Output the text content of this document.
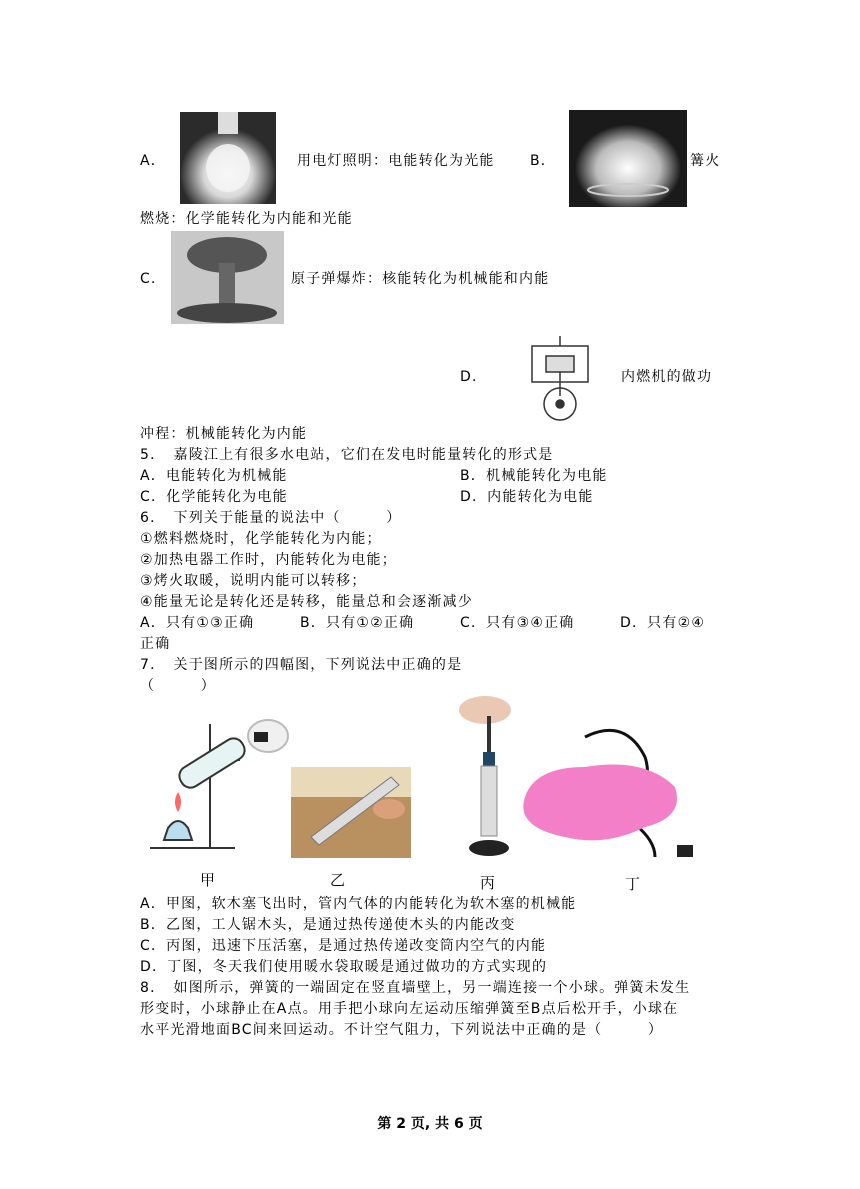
A．	用电灯照明：电能转化为光能	B．	篝火
燃烧：化学能转化为内能和光能
C．	原子弹爆炸：核能转化为机械能和内能
D．	内燃机的做功
冲程：机械能转化为内能
5．　嘉陵江上有很多水电站，它们在发电时能量转化的形式是
A．电能转化为机械能	B．机械能转化为电能
C．化学能转化为电能	D．内能转化为电能
6．　下列关于能量的说法中（　　　）
①燃料燃烧时，化学能转化为内能；
②加热电器工作时，内能转化为电能；
③烤火取暖，说明内能可以转移；
④能量无论是转化还是转移，能量总和会逐渐减少
A．只有①③正确	B．只有①②正确	C．只有③④正确	D．只有②④
正确
7．　关于图所示的四幅图，下列说法中正确的是
（　　　）
甲	乙	丙	丁
A．甲图，软木塞飞出时，管内气体的内能转化为软木塞的机械能
B．乙图，工人锯木头，是通过热传递使木头的内能改变
C．丙图，迅速下压活塞，是通过热传递改变筒内空气的内能
D．丁图，冬天我们使用暖水袋取暖是通过做功的方式实现的
8．　如图所示，弹簧的一端固定在竖直墙壁上，另一端连接一个小球。弹簧未发生
形变时，小球静止在A点。用手把小球向左运动压缩弹簧至B点后松开手，小球在
水平光滑地面BC间来回运动。不计空气阻力，下列说法中正确的是（　　　）
第 2 页, 共 6 页
